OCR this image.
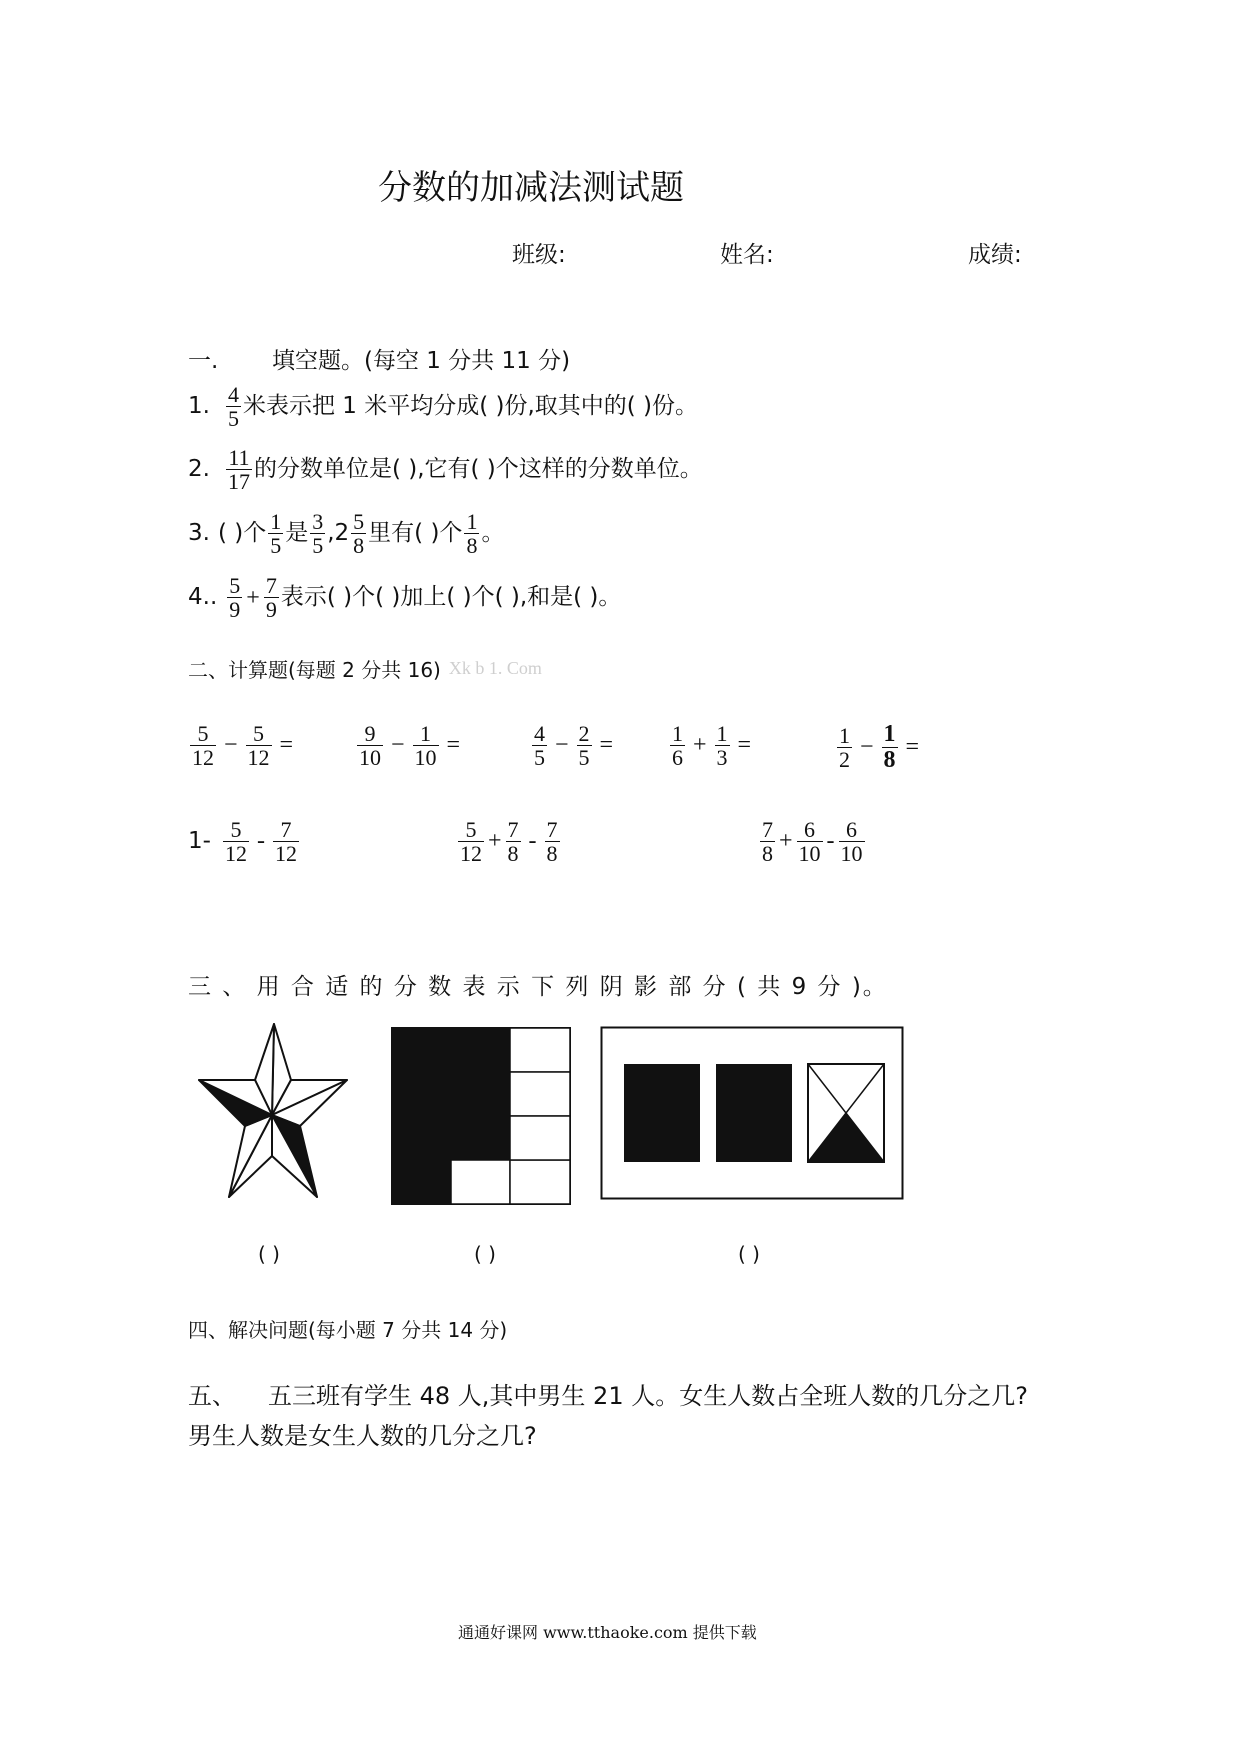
分数的加减法测试题
班级:	姓名:	成绩:
一. 填空题。(每空 1 分共 11 分)
1. $\frac{4}{5}$ 米表示把 1 米平均分成( )份,取其中的( )份。
2. $\frac{11}{17}$ 的分数单位是( ),它有( )个这样的分数单位。
3. ( )个 $\frac{1}{5}$ 是 $\frac{3}{5} ,2 \frac{5}{8}$ 里有( )个 $\frac{1}{8}$ 。
4.. $\frac{5}{9} + \frac{7}{9}$ 表示( )个( )加上( )个( ),和是( )。
二、计算题(每题 2 分共 16) Xk b 1. Com
$\frac{5}{12} - \frac{5}{12}$ =	$\frac{9}{10} - \frac{1}{10}$ =	$\frac{4}{5} - \frac{2}{5}$ =	$\frac{1}{6} + \frac{1}{3}$ =	$\frac{1}{2} - \frac{1}{8}$ =
$1- \frac{5}{12} - \frac{7}{12}$	$\frac{5}{12} + \frac{7}{8} - \frac{7}{8}$	$\frac{7}{8} + \frac{6}{10} - \frac{6}{10}$
三 、 用 合 适 的 分 数 表 示 下 列 阴 影 部 分 ( 共 9 分 )。
( )	( )	( )
四、解决问题(每小题 7 分共 14 分)
五、 五三班有学生 48 人,其中男生 21 人。女生人数占全班人数的几分之几?
男生人数是女生人数的几分之几?
通通好课网 www.tthaoke.com 提供下载
